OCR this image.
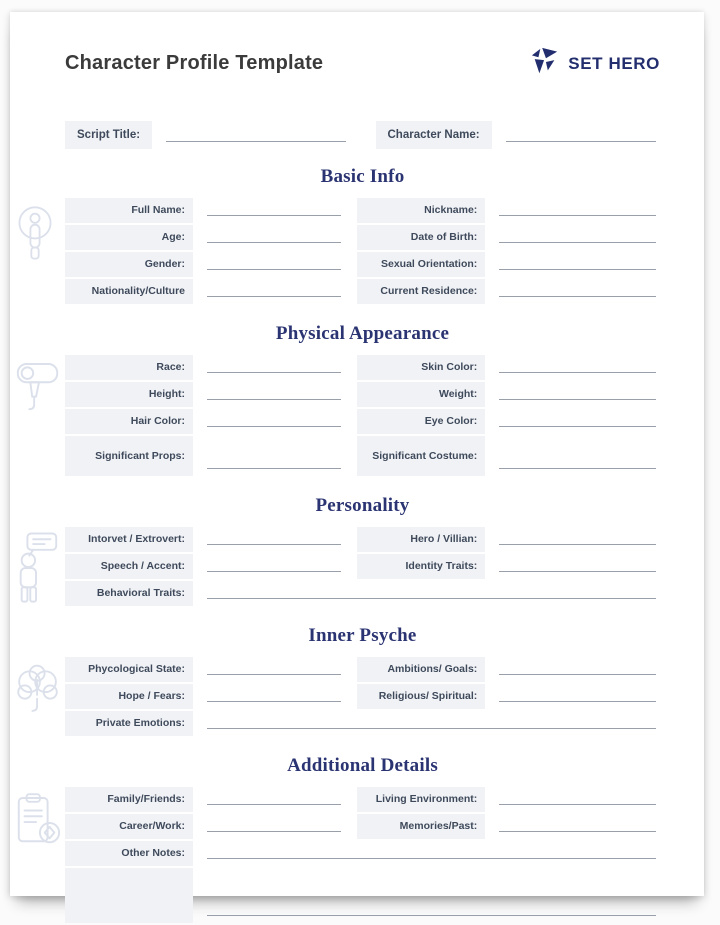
Character Profile Template	SET HERO
Script Title:	Character Name:
Basic Info
Full Name:	Nickname:
Age:	Date of Birth:
Gender:	Sexual Orientation:
Nationality/Culture	Current Residence:
Physical Appearance
Race:	Skin Color:
Height:	Weight:
Hair Color:	Eye Color:
Significant Props:	Significant Costume:
Personality
Intorvet / Extrovert:	Hero / Villian:
Speech / Accent:	Identity Traits:
Behavioral Traits:
Inner Psyche
Phycological State:	Ambitions/ Goals:
Hope / Fears:	Religious/ Spiritual:
Private Emotions:
Additional Details
Family/Friends:	Living Environment:
Career/Work:	Memories/Past:
Other Notes:
